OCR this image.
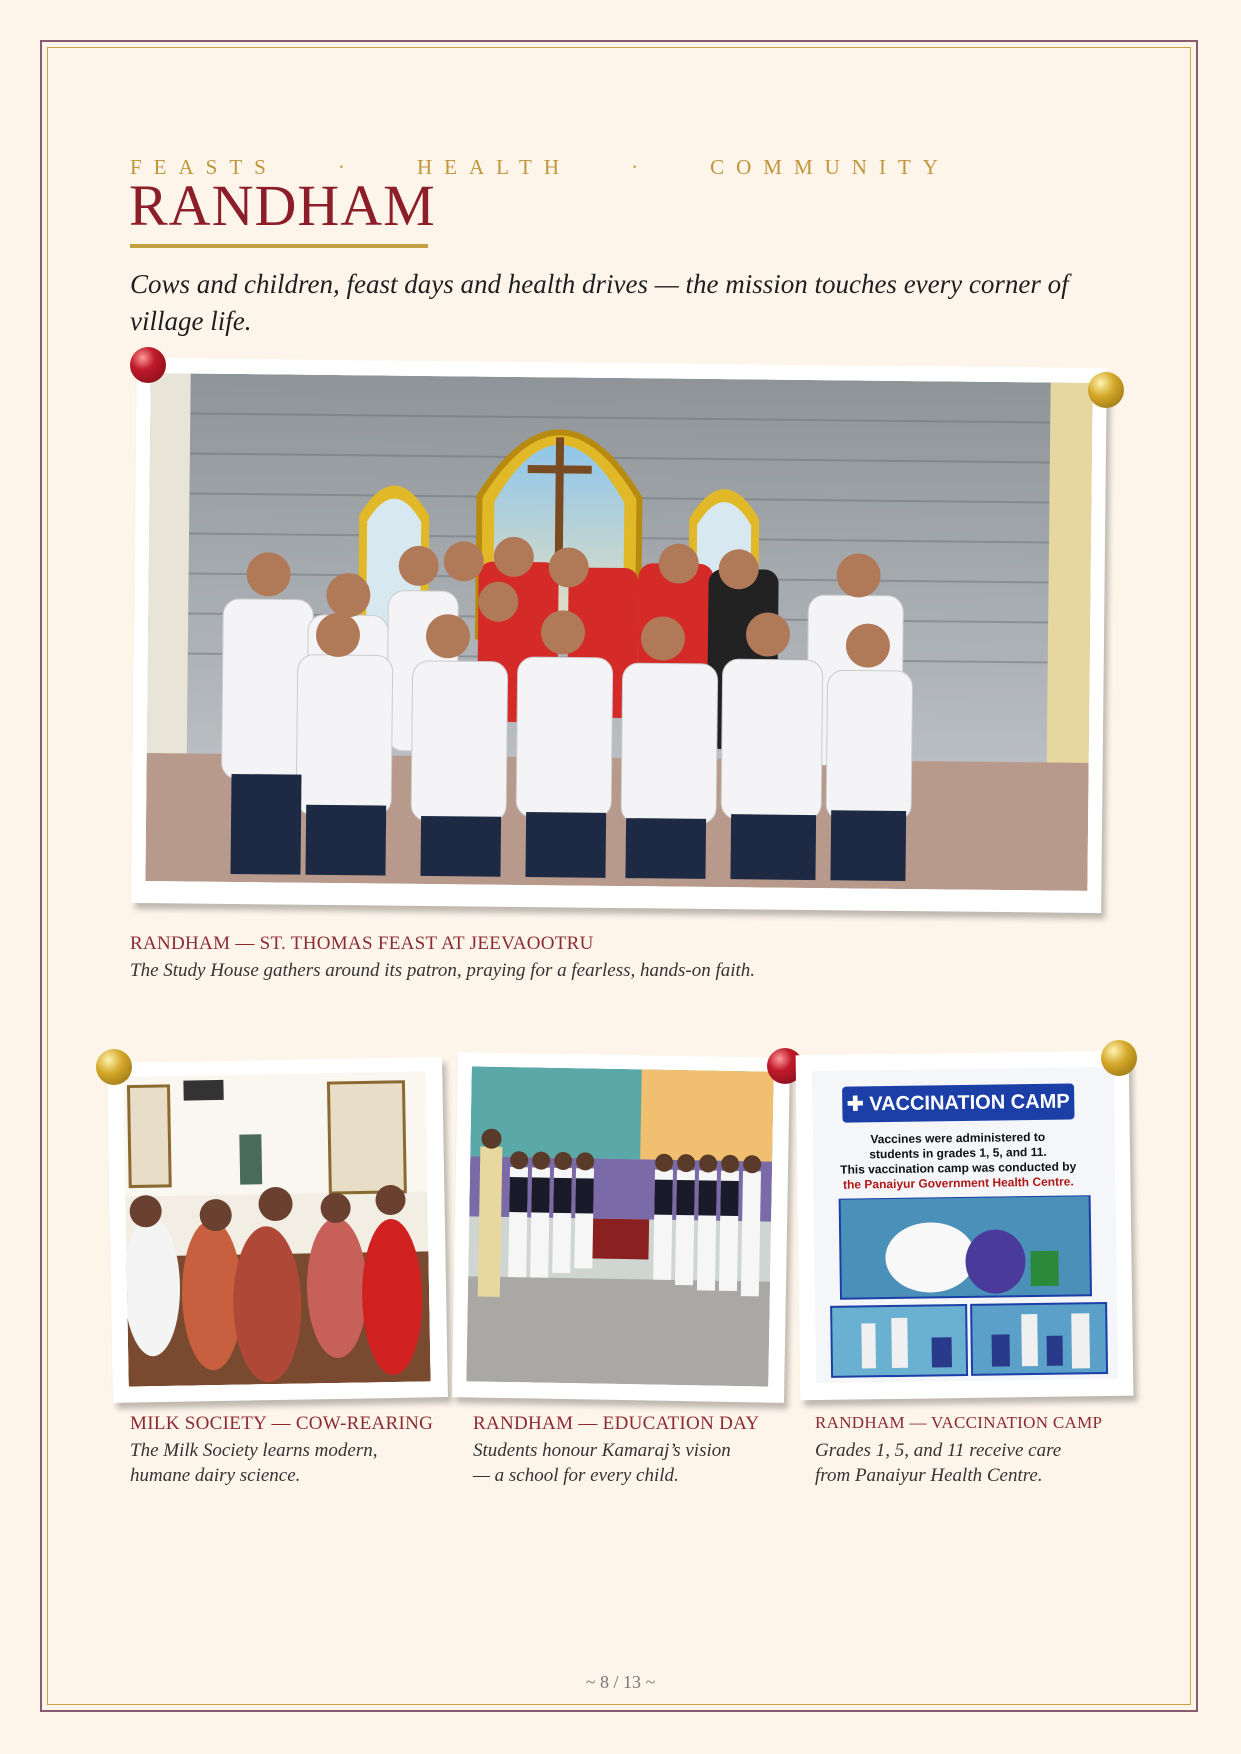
FEASTS	·	HEALTH	·	COMMUNITY
RANDHAM
Cows and children, feast days and health drives — the mission touches every corner of village life.
RANDHAM — ST. THOMAS FEAST AT JEEVAOOTRU
The Study House gathers around its patron, praying for a fearless, hands-on faith.
✚ VACCINATION CAMP
Vaccines were administered to
students in grades 1, 5, and 11.
This vaccination camp was conducted by
the Panaiyur Government Health Centre.
MILK SOCIETY — COW-REARING
The Milk Society learns modern,
humane dairy science.
RANDHAM — EDUCATION DAY
Students honour Kamaraj’s vision
— a school for every child.
RANDHAM — VACCINATION CAMP
Grades 1, 5, and 11 receive care
from Panaiyur Health Centre.
~ 8 / 13 ~
